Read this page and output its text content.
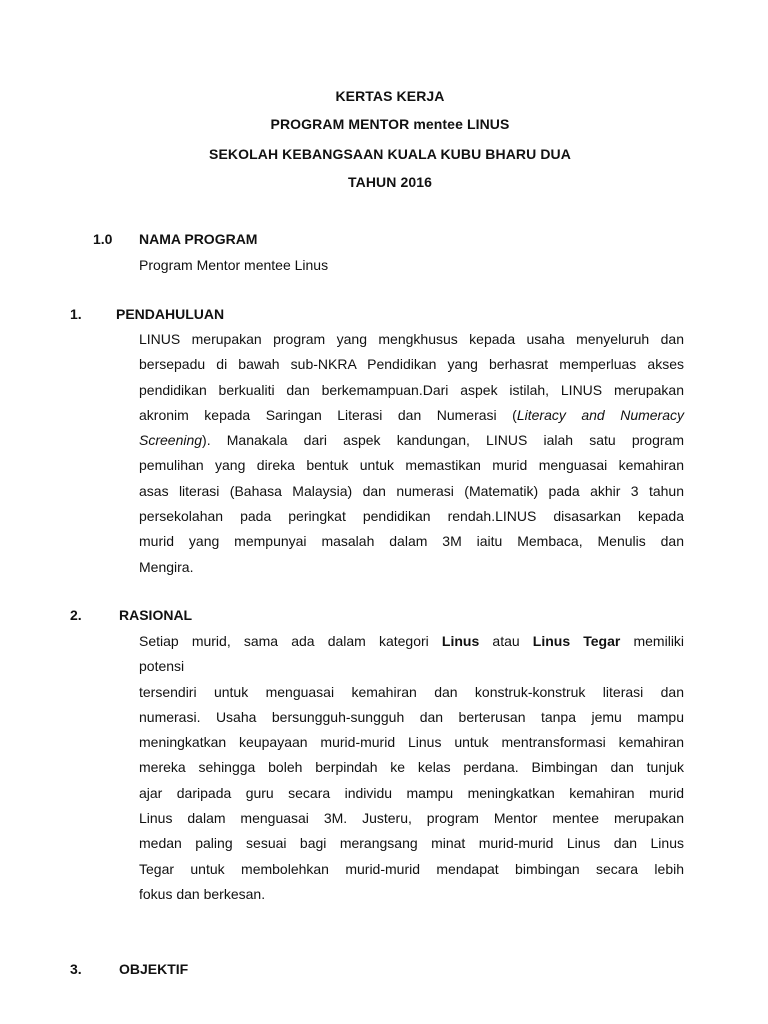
KERTAS KERJA
PROGRAM MENTOR mentee LINUS
SEKOLAH KEBANGSAAN KUALA KUBU BHARU DUA
TAHUN 2016
1.0 NAMA PROGRAM
Program Mentor mentee Linus
1. PENDAHULUAN
LINUS merupakan program yang mengkhusus kepada usaha menyeluruh dan
bersepadu di bawah sub-NKRA Pendidikan yang berhasrat memperluas akses
pendidikan berkualiti dan berkemampuan.Dari aspek istilah, LINUS merupakan
akronim kepada Saringan Literasi dan Numerasi (Literacy and Numeracy
Screening). Manakala dari aspek kandungan, LINUS ialah satu program
pemulihan yang direka bentuk untuk memastikan murid menguasai kemahiran
asas literasi (Bahasa Malaysia) dan numerasi (Matematik) pada akhir 3 tahun
persekolahan pada peringkat pendidikan rendah.LINUS disasarkan kepada
murid yang mempunyai masalah dalam 3M iaitu Membaca, Menulis dan
Mengira.
2.	RASIONAL
Setiap murid, sama ada dalam kategori Linus atau Linus Tegar memiliki
potensi
tersendiri untuk menguasai kemahiran dan konstruk-konstruk literasi dan
numerasi. Usaha bersungguh-sungguh dan berterusan tanpa jemu mampu
meningkatkan keupayaan murid-murid Linus untuk mentransformasi kemahiran
mereka sehingga boleh berpindah ke kelas perdana. Bimbingan dan tunjuk
ajar daripada guru secara individu mampu meningkatkan kemahiran murid
Linus dalam menguasai 3M. Justeru, program Mentor mentee merupakan
medan paling sesuai bagi merangsang minat murid-murid Linus dan Linus
Tegar untuk membolehkan murid-murid mendapat bimbingan secara lebih
fokus dan berkesan.
3.	OBJEKTIF
